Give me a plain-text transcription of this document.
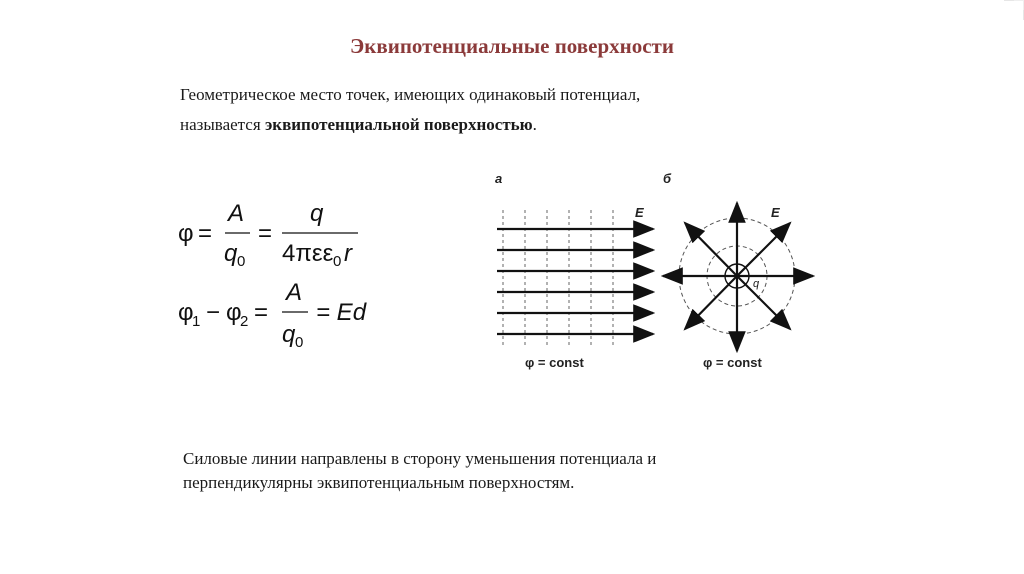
Эквипотенциальные поверхности
Геометрическое место точек, имеющих одинаковый потенциал,
называется эквипотенциальной поверхностью.
φ =
A
q 0
=
q
4πεε 0 r
φ
1 − φ
2 =
A
q 0
= Ed
а
E
φ = const
б
E
q
φ = const
Силовые линии направлены в сторону уменьшения потенциала и
перпендикулярны эквипотенциальным поверхностям.
